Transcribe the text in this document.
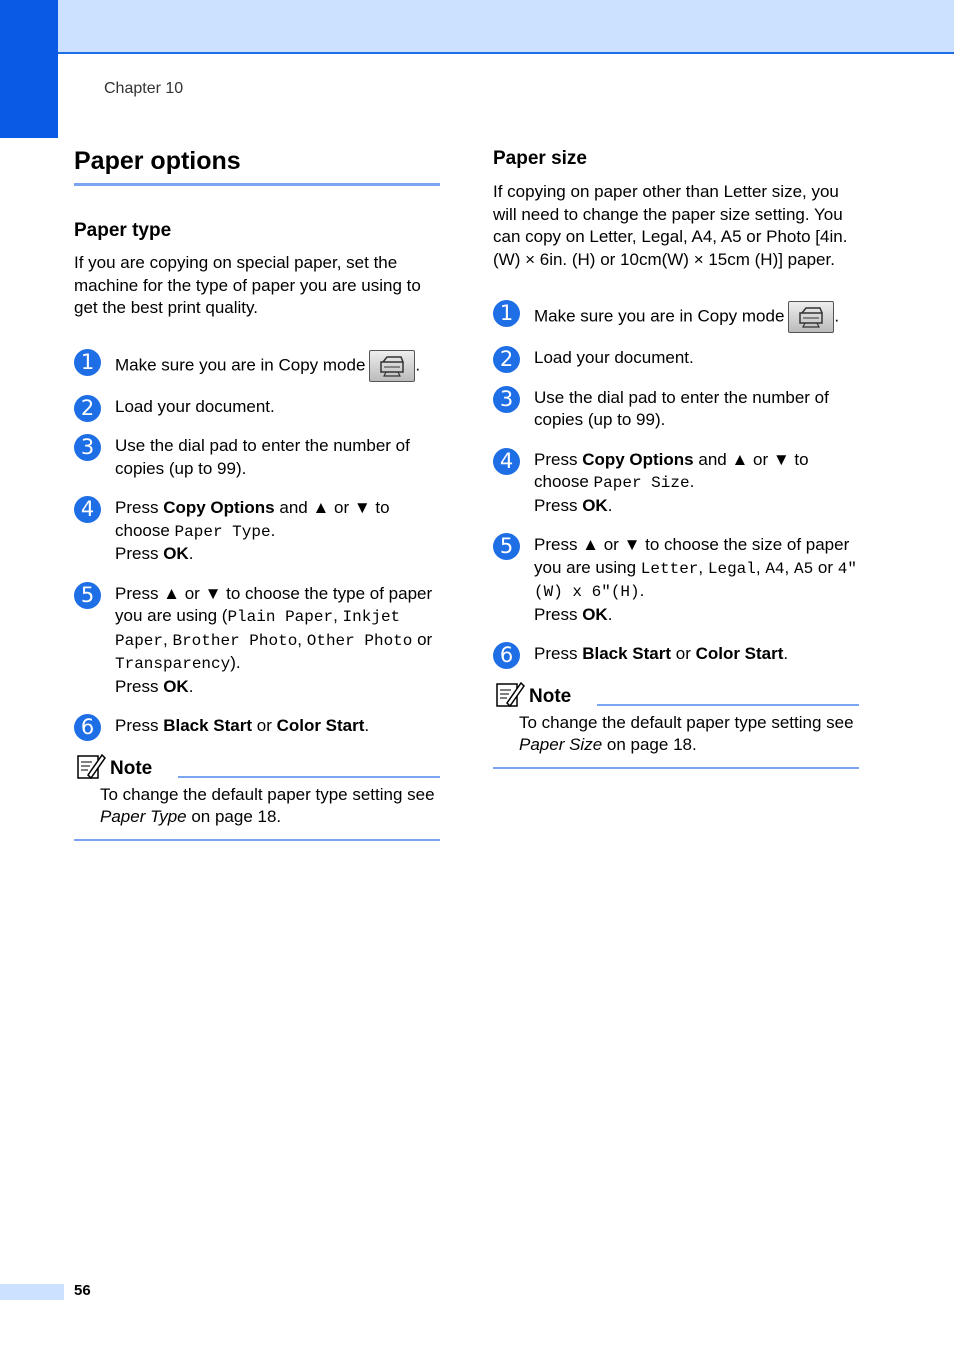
Chapter 10
Paper options
Paper type

If you are copying on special paper, set the machine for the type of paper you are using to get the best print quality.

1	Make sure you are in Copy mode	.
2	Load your document.
3	Use the dial pad to enter the number of copies (up to 99).
4	Press Copy Options and ▲ or ▼ to choose Paper Type.
Press OK.
5	Press ▲ or ▼ to choose the type of paper you are using (Plain Paper, Inkjet Paper, Brother Photo, Other Photo or Transparency).
Press OK.
6	Press Black Start or Color Start.
Note
To change the default paper type setting see Paper Type on page 18.
Paper size

If copying on paper other than Letter size, you will need to change the paper size setting. You can copy on Letter, Legal, A4, A5 or Photo [4in. (W) × 6in. (H) or 10cm(W) × 15cm (H)] paper.

1	Make sure you are in Copy mode	.
2	Load your document.
3	Use the dial pad to enter the number of copies (up to 99).
4	Press Copy Options and ▲ or ▼ to choose Paper Size.
Press OK.
5	Press ▲ or ▼ to choose the size of paper you are using Letter, Legal, A4, A5 or 4"(W) x 6"(H).
Press OK.
6	Press Black Start or Color Start.
Note
To change the default paper type setting see Paper Size on page 18.
56
